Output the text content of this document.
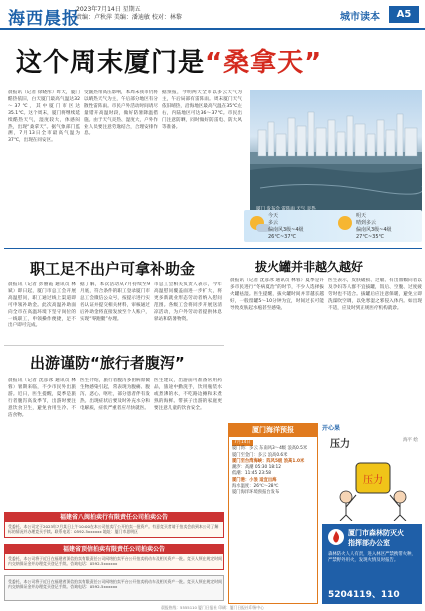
海西晨报
2023年7月14日 星期五
责编：卢秋萍 美编：潘迪敏 校对：林黎	城市读本	A5
这个周末厦门是“桑拿天”
晨报讯（记者 徐晓彤）昨天，厦门酷热依旧，白天厦门最高气温达32～37℃，其中厦门市区达35.1℃。这个周末，厦门将继续延续酷热天气，湿度较大，体感闷热，出现“桑拿天”。据气象部门监测，7月13日全市最高气温为37℃，出现在同安区。
受副热带高压影响，本周末我市仍将以晴热天气为主，午后部分地区有分散性雷阵雨。市民户外活动时间请尽量错开高温时段，做好防暑降温措施。由于天气炎热、湿度大，户外作业人员要注意劳逸结合，合理安排作息。
据预报，今明两天全市以多云天气为主，午后局部有雷阵雨。周末厦门天气依旧晴热，沿海地区最高气温在35℃左右，内陆地区可达36～37℃。市民出门注意防晒，同时做好防雷电、防大风等准备。
今天
多云
偏南风3级~4级
26℃~37℃
明天
晴到多云
偏南风3级~4级
27℃~35℃
职工足不出户可拿补助金
晨报讯（记者 彭丽霞 通讯员 林斌）即日起，厦门市总工会开展高温慰问，职工通过线上渠道即可申领补助金。此次高温补助面向全市在高温环境下坚守岗位的一线职工，申领操作便捷，足不出户即可完成。
据了解，本次活动从7月持续至9月底，符合条件的职工登录厦门市总工会微信公众号，按提示进行实名认证并提交相关材料，审核通过后补助金将直接发放至个人账户，实现“零跑腿”办理。
市总工会相关负责人表示，今年高温慰问覆盖面进一步扩大，将更多新就业形态劳动者纳入慰问范围。各级工会将同步开展送清凉活动，为户外劳动者提供休息驿站和防暑物资。
出游谨防“旅行者腹泻”
晨报讯（记者 沈彦冰 通讯员 林蓉）暑期来临，不少市民外出旅游。近日，医生提醒，夏季是旅行者腹泻高发季节，出游时要注意饮食卫生，避免食用生冷、不洁食物。
医生介绍，旅行者腹泻多由病原微生物感染引起，常表现为腹痛、腹泻、恶心、呕吐，部分患者伴有发热。出现症状后要及时补充水分和电解质，症状严重者应尽快就医。
医生建议，出游前可准备常用药品，旅途中勤洗手，饮用瓶装水或煮沸的水，不吃路边摊和未煮熟的海鲜。带孩子出游的家庭更要注意儿童的饮食安全。
拔火罐并非越久越好
晨报讯（记者 沈彦冰 通讯员 林蓉）夏季是许多市民进行“冬病夏治”的时节，不少人选择拔火罐祛湿。医生提醒，拔火罐时间并非越长越好，一般留罐5～10分钟为宜，时间过长可能导致皮肤起水疱甚至感染。
医生表示，皮肤破损、过敏、有出血倾向者以及孕妇等人群不宜拔罐，饭后、空腹、过度疲劳时也不适合。拔罐后应注意保暖，避免立即洗澡吹空调，以免寒湿之邪侵入体内。如出现不适，应及时到正规医疗机构就诊。
厦门海洋预报
7月14日

厦门湾：多云 东南风3～4级 浪高0.5米
厦门至金门：多云 浪高0.6米
厦门至台湾海峡：阵风5级 浪高1.0米
潮汐：高潮 05:30 18:12
低潮：11:45 23:58
厦门港：小浪 适宜出海
海水温度：26℃～28℃
厦门海洋环境预报台发布
开心果
压力	海平 绘
压力
福建省八闽拍卖行有限责任公司拍卖公告
受委托，本公司定于2023年7月某日上午10:00在本公司拍卖厅公开拍卖一批资产。有意竞买者请于拍卖会前到本公司了解标的情况并办理竞买手续。联系电话：0592-5xxxxxx 地址：厦门市思明区
福建省顶信拍卖有限责任公司拍卖公告
受委托，本公司将于近日在福建省顶信拍卖有限责任公司网络拍卖平台公开拍卖机动车及相关资产一批。竞买人须在规定时间内交纳保证金并办理竞买登记手续。咨询电话：0592-5xxxxxx
受委托，本公司将于近日在福建省顶信拍卖有限责任公司网络拍卖平台公开拍卖机动车及相关资产一批。竞买人须在规定时间内交纳保证金并办理竞买登记手续。咨询电话：0592-5xxxxxx
厦门市森林防灭火
指挥部办公室
森林防火人人有责，进入林区严禁携带火种，严禁野外用火，发现火情及时报告。
5204119、110
晨报热线：5555110 厦门日报社 印刷：厦门日报社印务中心
